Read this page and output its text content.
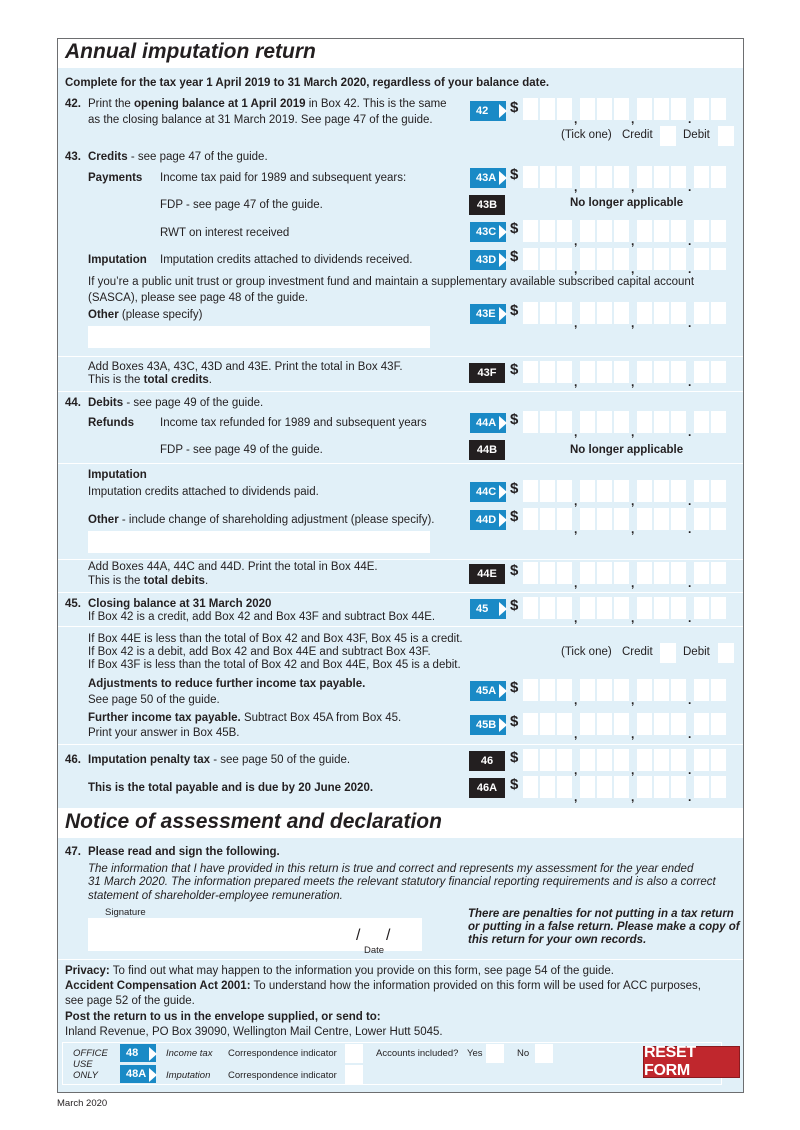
Annual imputation return
Complete for the tax year 1 April 2019 to 31 March 2020, regardless of your balance date.
42. Print the opening balance at 1 April 2019 in Box 42. This is the same
as the closing balance at 31 March 2019. See page 47 of the guide.
42	$
,	,	.
(Tick one) Credit	Debit
43. Credits - see page 47 of the guide.
Payments Income tax paid for 1989 and subsequent years:	43A $
,	,	.
FDP - see page 47 of the guide.	43B	No longer applicable
RWT on interest received	43C $
,	,	.
Imputation Imputation credits attached to dividends received.	43D $
,	,	.
If you’re a public unit trust or group investment fund and maintain a supplementary available subscribed capital account
(SASCA), please see page 48 of the guide.
Other (please specify)	43E $
,	,	.
Add Boxes 43A, 43C, 43D and 43E. Print the total in Box 43F.
This is the total credits.
43F $
,	,	.
44. Debits - see page 49 of the guide.
Refunds Income tax refunded for 1989 and subsequent years	44A $
,	,	.
FDP - see page 49 of the guide.	44B	No longer applicable
Imputation
Imputation credits attached to dividends paid.	44C $
,	,	.
Other - include change of shareholding adjustment (please specify).	44D $
,	,	.
Add Boxes 44A, 44C and 44D. Print the total in Box 44E.
This is the total debits.
44E $
,	,	.
45. Closing balance at 31 March 2020
If Box 42 is a credit, add Box 42 and Box 43F and subtract Box 44E.
45	$
,	,	.
If Box 44E is less than the total of Box 42 and Box 43F, Box 45 is a credit.
If Box 42 is a debit, add Box 42 and Box 44E and subtract Box 43F.
If Box 43F is less than the total of Box 42 and Box 44E, Box 45 is a debit.
(Tick one) Credit	Debit
Adjustments to reduce further income tax payable.
See page 50 of the guide.
45A $
,	,	.
Further income tax payable. Subtract Box 45A from Box 45.
Print your answer in Box 45B.
45B $
,	,	.
46. Imputation penalty tax - see page 50 of the guide.	46	$
,	,	.
This is the total payable and is due by 20 June 2020.	46A $
,	,	.
Notice of assessment and declaration
47. Please read and sign the following.
The information that I have provided in this return is true and correct and represents my assessment for the year ended
31 March 2020. The information prepared meets the relevant statutory financial reporting requirements and is also a correct
statement of shareholder-employee remuneration.
Signature
/ /
Date
There are penalties for not putting in a tax return
or putting in a false return. Please make a copy of
this return for your own records.
Privacy: To find out what may happen to the information you provide on this form, see page 54 of the guide.
Accident Compensation Act 2001: To understand how the information provided on this form will be used for ACC purposes,
see page 52 of the guide.
Post the return to us in the envelope supplied, or send to:
Inland Revenue, PO Box 39090, Wellington Mail Centre, Lower Hutt 5045.
OFFICE
USE
ONLY
48
48A
Income tax
Imputation
Correspondence indicator
Correspondence indicator
Accounts included? Yes	No	RESET FORM
March 2020
